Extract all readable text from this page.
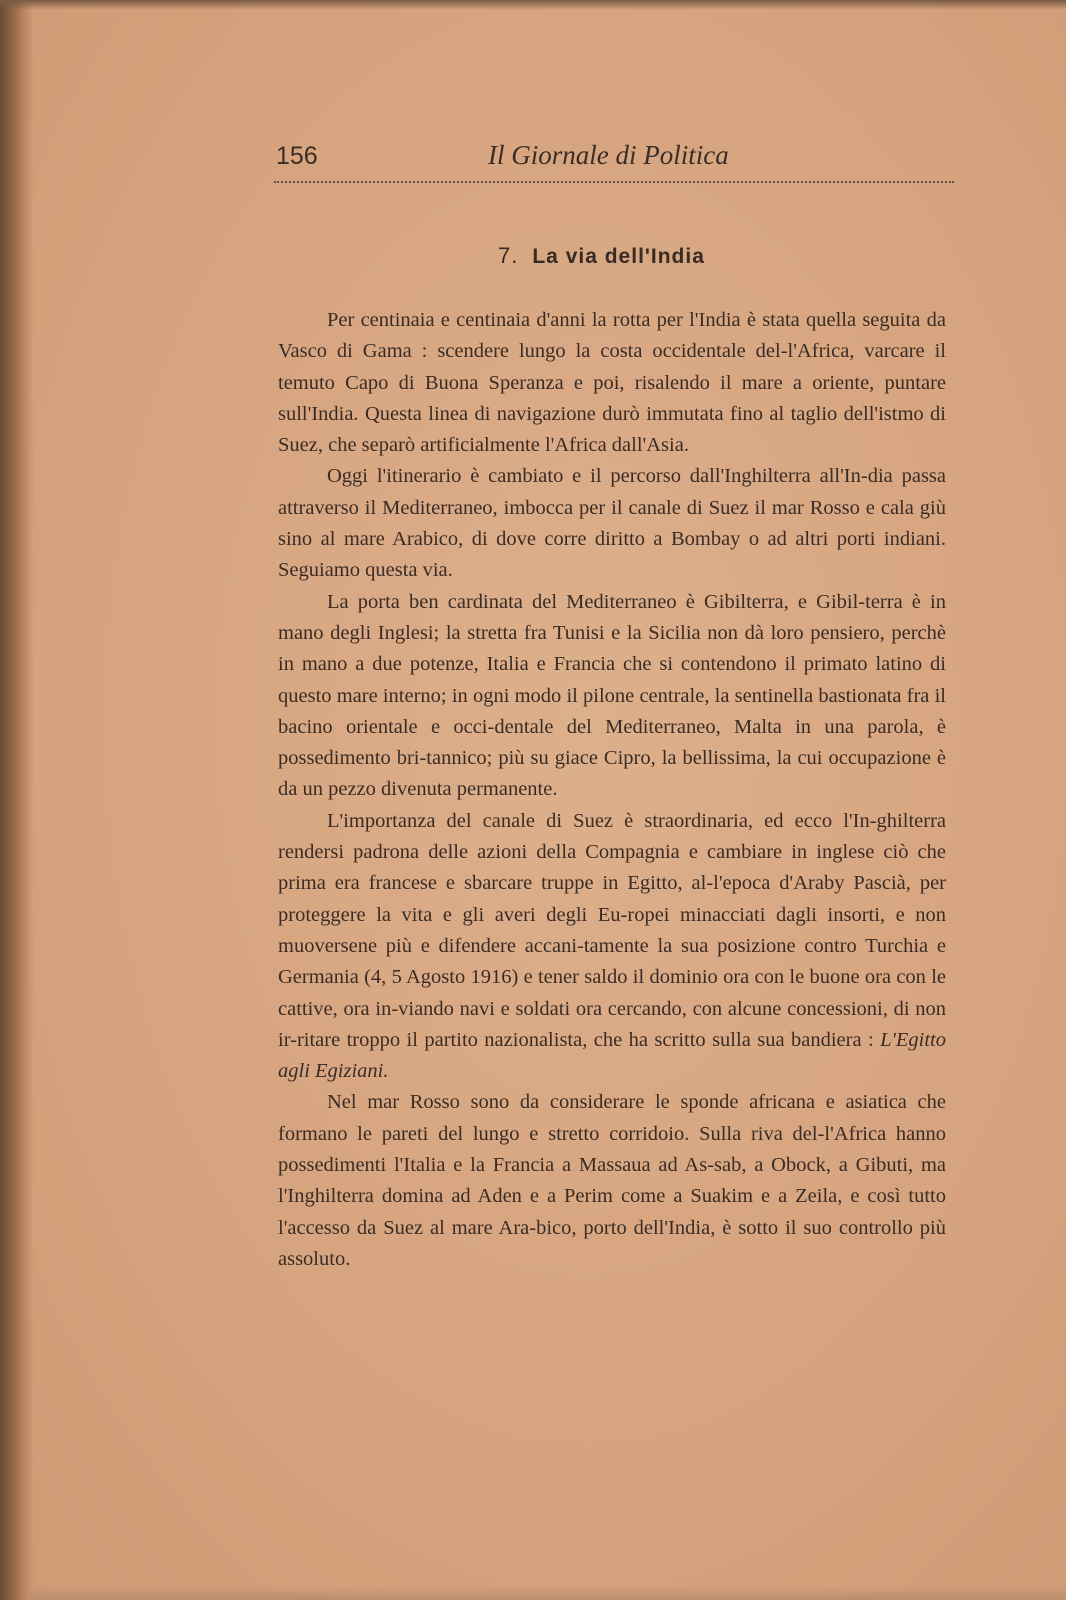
156	Il Giornale di Politica
7. La via dell'India

Per centinaia e centinaia d'anni la rotta per l'India è stata quella seguita da Vasco di Gama : scendere lungo la costa occidentale del-l'Africa, varcare il temuto Capo di Buona Speranza e poi, risalendo il mare a oriente, puntare sull'India. Questa linea di navigazione durò immutata fino al taglio dell'istmo di Suez, che separò artificialmente l'Africa dall'Asia.

Oggi l'itinerario è cambiato e il percorso dall'Inghilterra all'In-dia passa attraverso il Mediterraneo, imbocca per il canale di Suez il mar Rosso e cala giù sino al mare Arabico, di dove corre diritto a Bombay o ad altri porti indiani. Seguiamo questa via.

La porta ben cardinata del Mediterraneo è Gibilterra, e Gibil-terra è in mano degli Inglesi; la stretta fra Tunisi e la Sicilia non dà loro pensiero, perchè in mano a due potenze, Italia e Francia che si contendono il primato latino di questo mare interno; in ogni modo il pilone centrale, la sentinella bastionata fra il bacino orientale e occi-dentale del Mediterraneo, Malta in una parola, è possedimento bri-tannico; più su giace Cipro, la bellissima, la cui occupazione è da un pezzo divenuta permanente.

L'importanza del canale di Suez è straordinaria, ed ecco l'In-ghilterra rendersi padrona delle azioni della Compagnia e cambiare in inglese ciò che prima era francese e sbarcare truppe in Egitto, al-l'epoca d'Araby Pascià, per proteggere la vita e gli averi degli Eu-ropei minacciati dagli insorti, e non muoversene più e difendere accani-tamente la sua posizione contro Turchia e Germania (4, 5 Agosto 1916) e tener saldo il dominio ora con le buone ora con le cattive, ora in-viando navi e soldati ora cercando, con alcune concessioni, di non ir-ritare troppo il partito nazionalista, che ha scritto sulla sua bandiera : L'Egitto agli Egiziani.

Nel mar Rosso sono da considerare le sponde africana e asiatica che formano le pareti del lungo e stretto corridoio. Sulla riva del-l'Africa hanno possedimenti l'Italia e la Francia a Massaua ad As-sab, a Obock, a Gibuti, ma l'Inghilterra domina ad Aden e a Perim come a Suakim e a Zeila, e così tutto l'accesso da Suez al mare Ara-bico, porto dell'India, è sotto il suo controllo più assoluto.
